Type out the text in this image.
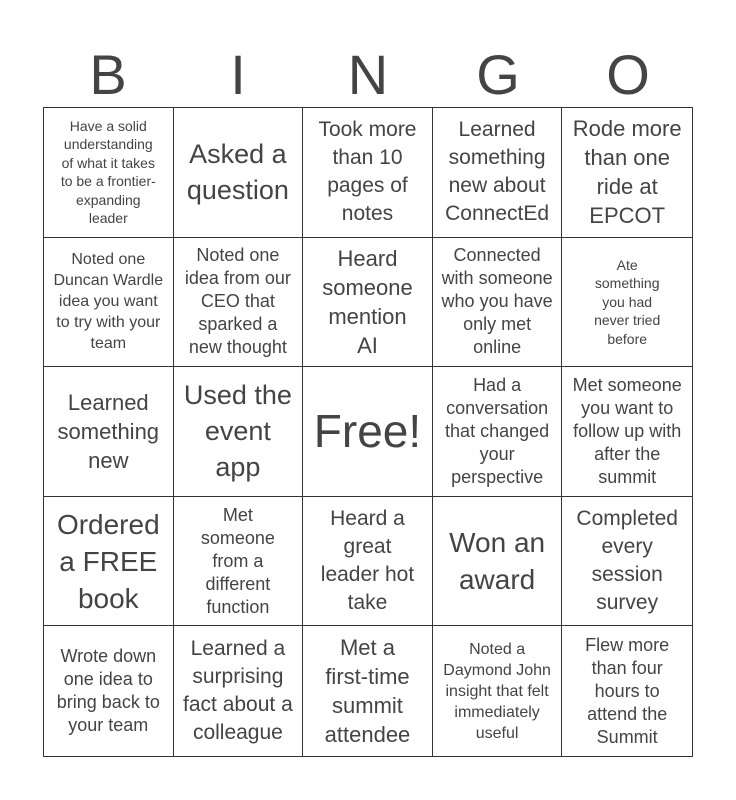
B	I	N	G	O
Have a solid understanding of what it takes to be a frontier-expanding leader
Asked a question
Took more than 10 pages of notes
Learned something new about ConnectEd
Rode more than one ride at EPCOT
Noted one Duncan Wardle idea you want to try with your team
Noted one idea from our CEO that sparked a new thought
Heard someone mention AI
Connected with someone who you have only met online
Ate something you had never tried before
Learned something new
Used the event app
Free!
Had a conversation that changed your perspective
Met someone you want to follow up with after the summit
Ordered a FREE book
Met someone from a different function
Heard a great leader hot take
Won an award
Completed every session survey
Wrote down one idea to bring back to your team
Learned a surprising fact about a colleague
Met a first-time summit attendee
Noted a Daymond John insight that felt immediately useful
Flew more than four hours to attend the Summit
